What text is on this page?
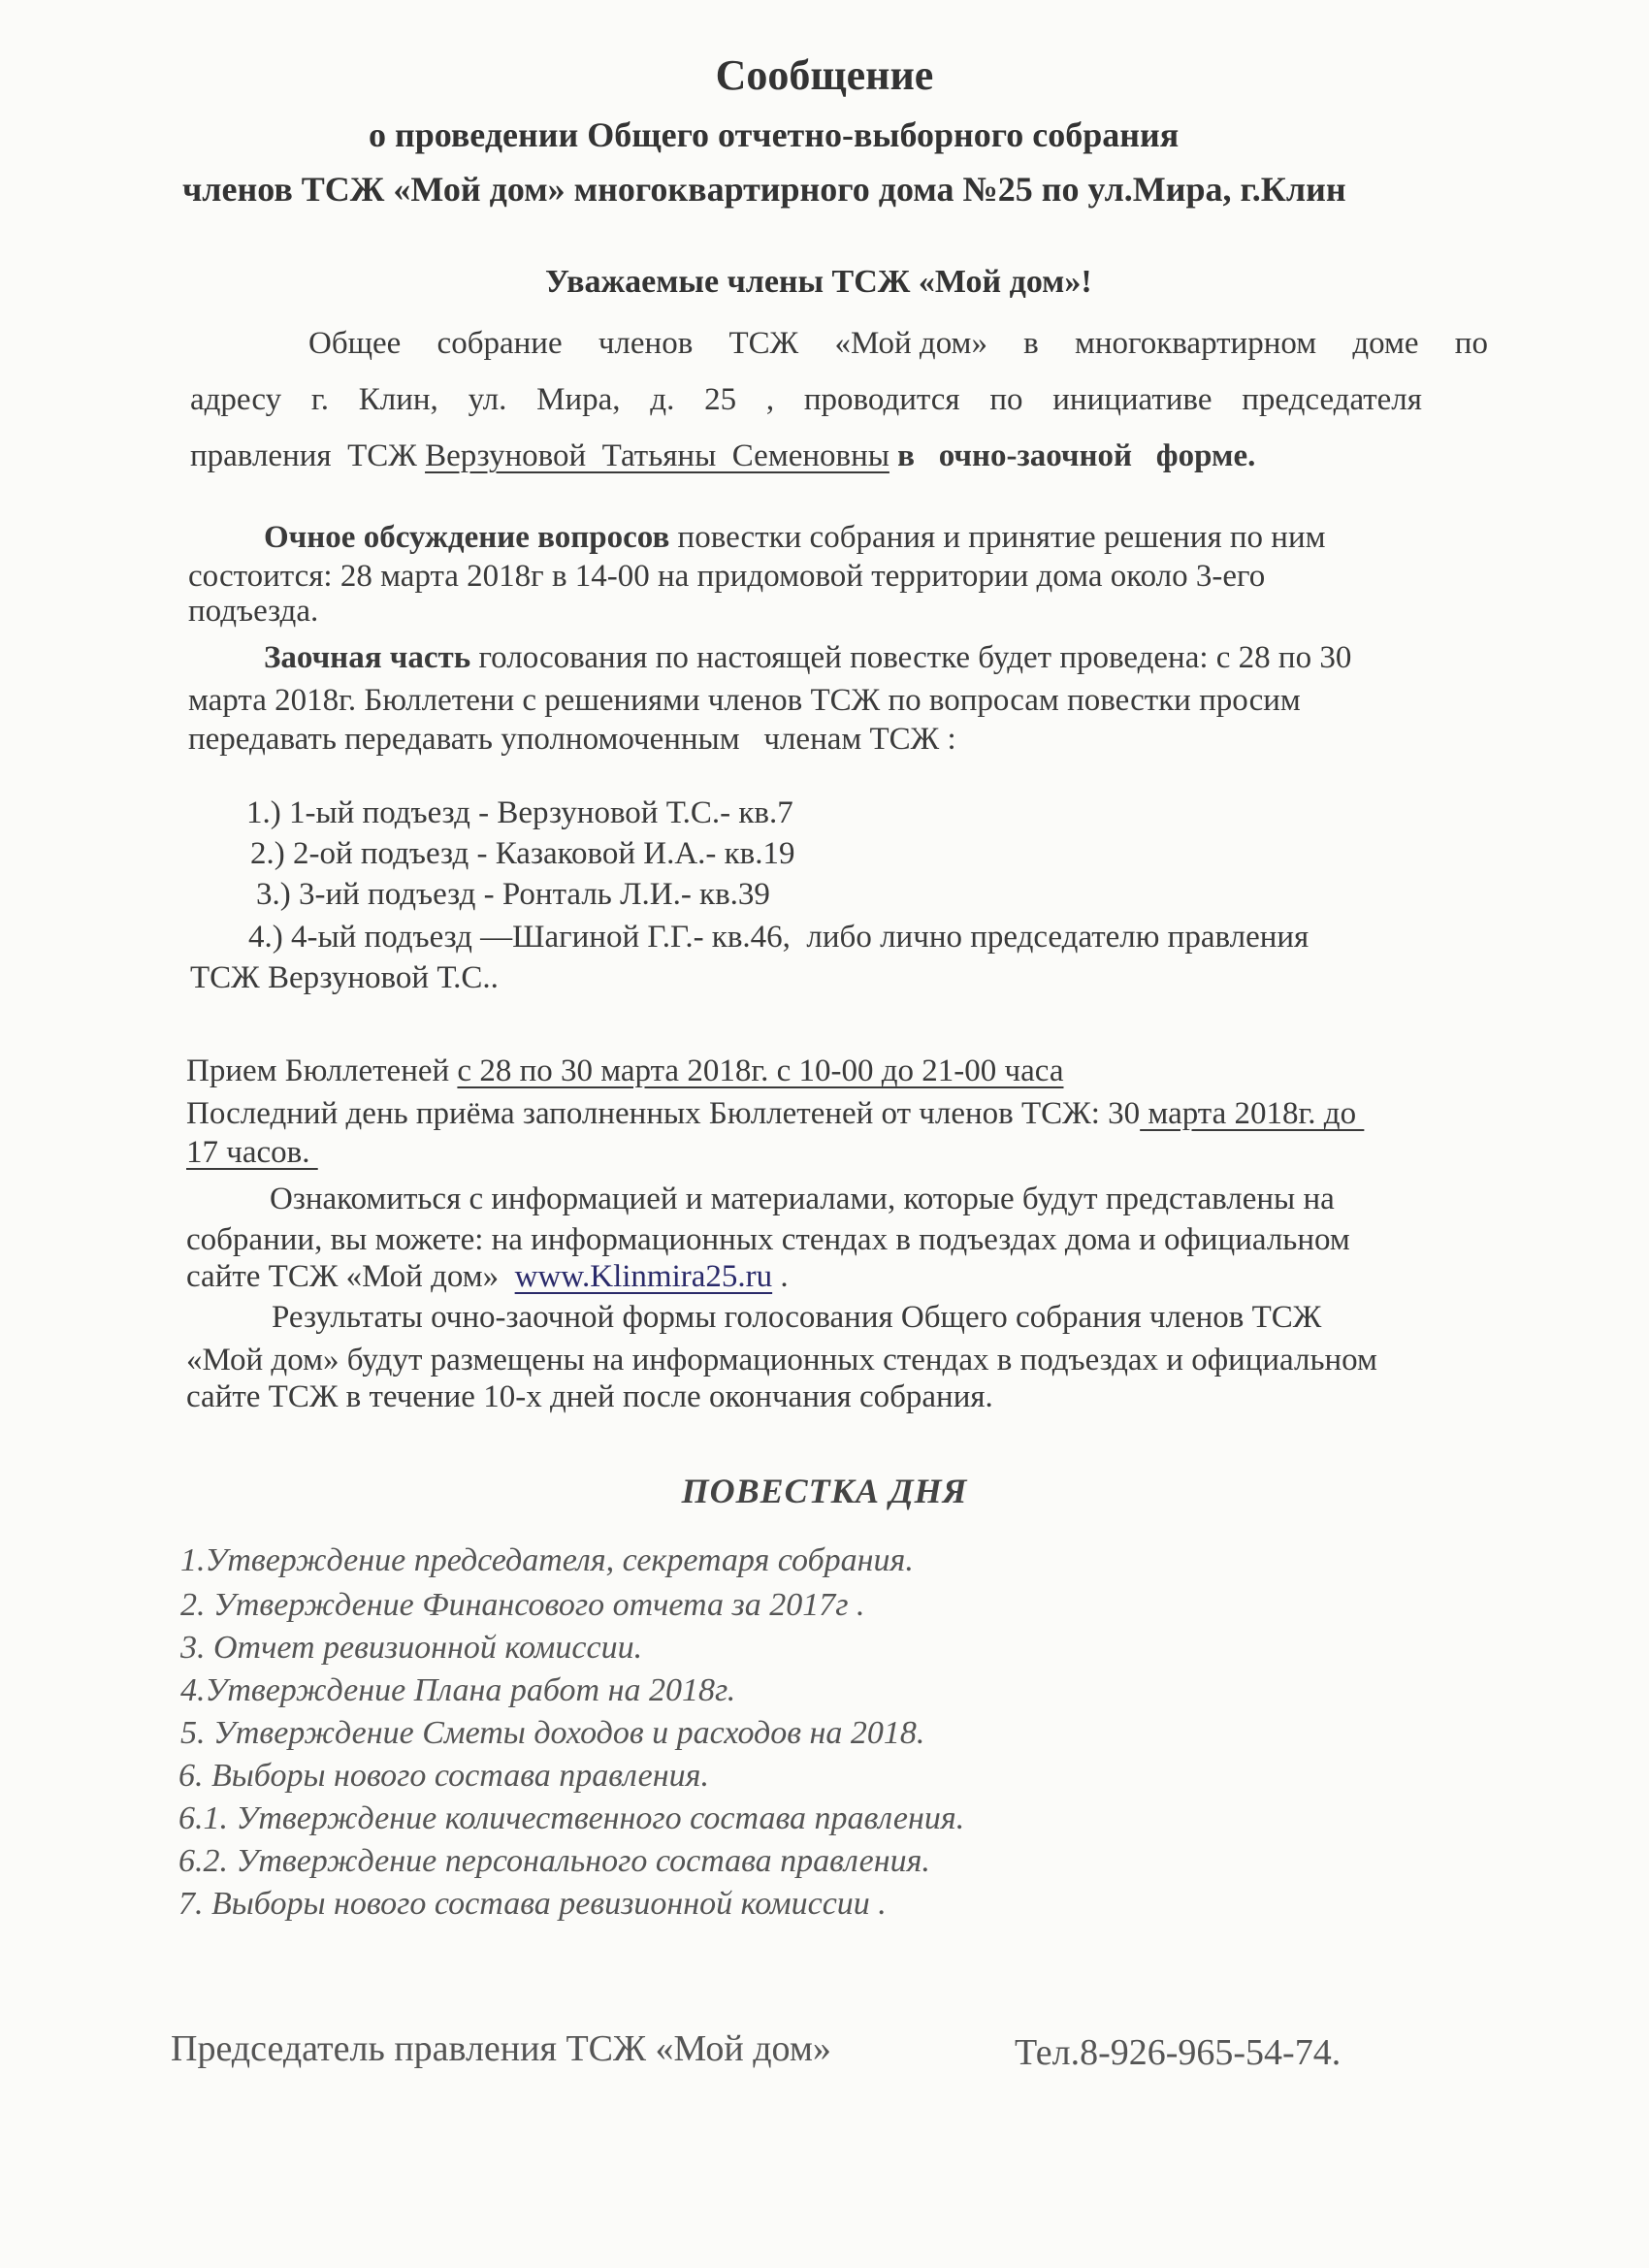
Сообщение
о проведении Общего отчетно-выборного собрания
членов ТСЖ «Мой дом» многоквартирного дома №25 по ул.Мира, г.Клин
Уважаемые члены ТСЖ «Мой дом»!
Общее собрание членов ТСЖ «Мой дом» в многоквартирном доме по
адресу г. Клин, ул. Мира, д. 25 , проводится по инициативе председателя
правления  ТСЖ Верзуновой  Татьяны  Семеновны в   очно-заочной   форме.
Очное обсуждение вопросов повестки собрания и принятие решения по ним
состоится: 28 марта 2018г в 14-00 на придомовой территории дома около 3-его
подъезда.
Заочная часть голосования по настоящей повестке будет проведена: с 28 по 30
марта 2018г. Бюллетени с решениями членов ТСЖ по вопросам повестки просим
передавать передавать уполномоченным   членам ТСЖ :
1.) 1-ый подъезд - Верзуновой Т.С.- кв.7
2.) 2-ой подъезд - Казаковой И.А.- кв.19
3.) 3-ий подъезд - Ронталь Л.И.- кв.39
4.) 4-ый подъезд —Шагиной Г.Г.- кв.46,  либо лично председателю правления
ТСЖ Верзуновой Т.С..
Прием Бюллетеней с 28 по 30 марта 2018г. с 10-00 до 21-00 часа
Последний день приёма заполненных Бюллетеней от членов ТСЖ: 30 марта 2018г. до
17 часов.
Ознакомиться с информацией и материалами, которые будут представлены на
собрании, вы можете: на информационных стендах в подъездах дома и официальном
сайте ТСЖ «Мой дом»  www.Klinmira25.ru .
Результаты очно-заочной формы голосования Общего собрания членов ТСЖ
«Мой дом» будут размещены на информационных стендах в подъездах и официальном
сайте ТСЖ в течение 10-х дней после окончания собрания.
ПОВЕСТКА ДНЯ
1.Утверждение председателя, секретаря собрания.
2. Утверждение Финансового отчета за 2017г .
3. Отчет ревизионной комиссии.
4.Утверждение Плана работ на 2018г.
5. Утверждение Сметы доходов и расходов на 2018.
6. Выборы нового состава правления.
6.1. Утверждение количественного состава правления.
6.2. Утверждение персонального состава правления.
7. Выборы нового состава ревизионной комиссии .
Председатель правления ТСЖ «Мой дом»	Тел.8-926-965-54-74.
